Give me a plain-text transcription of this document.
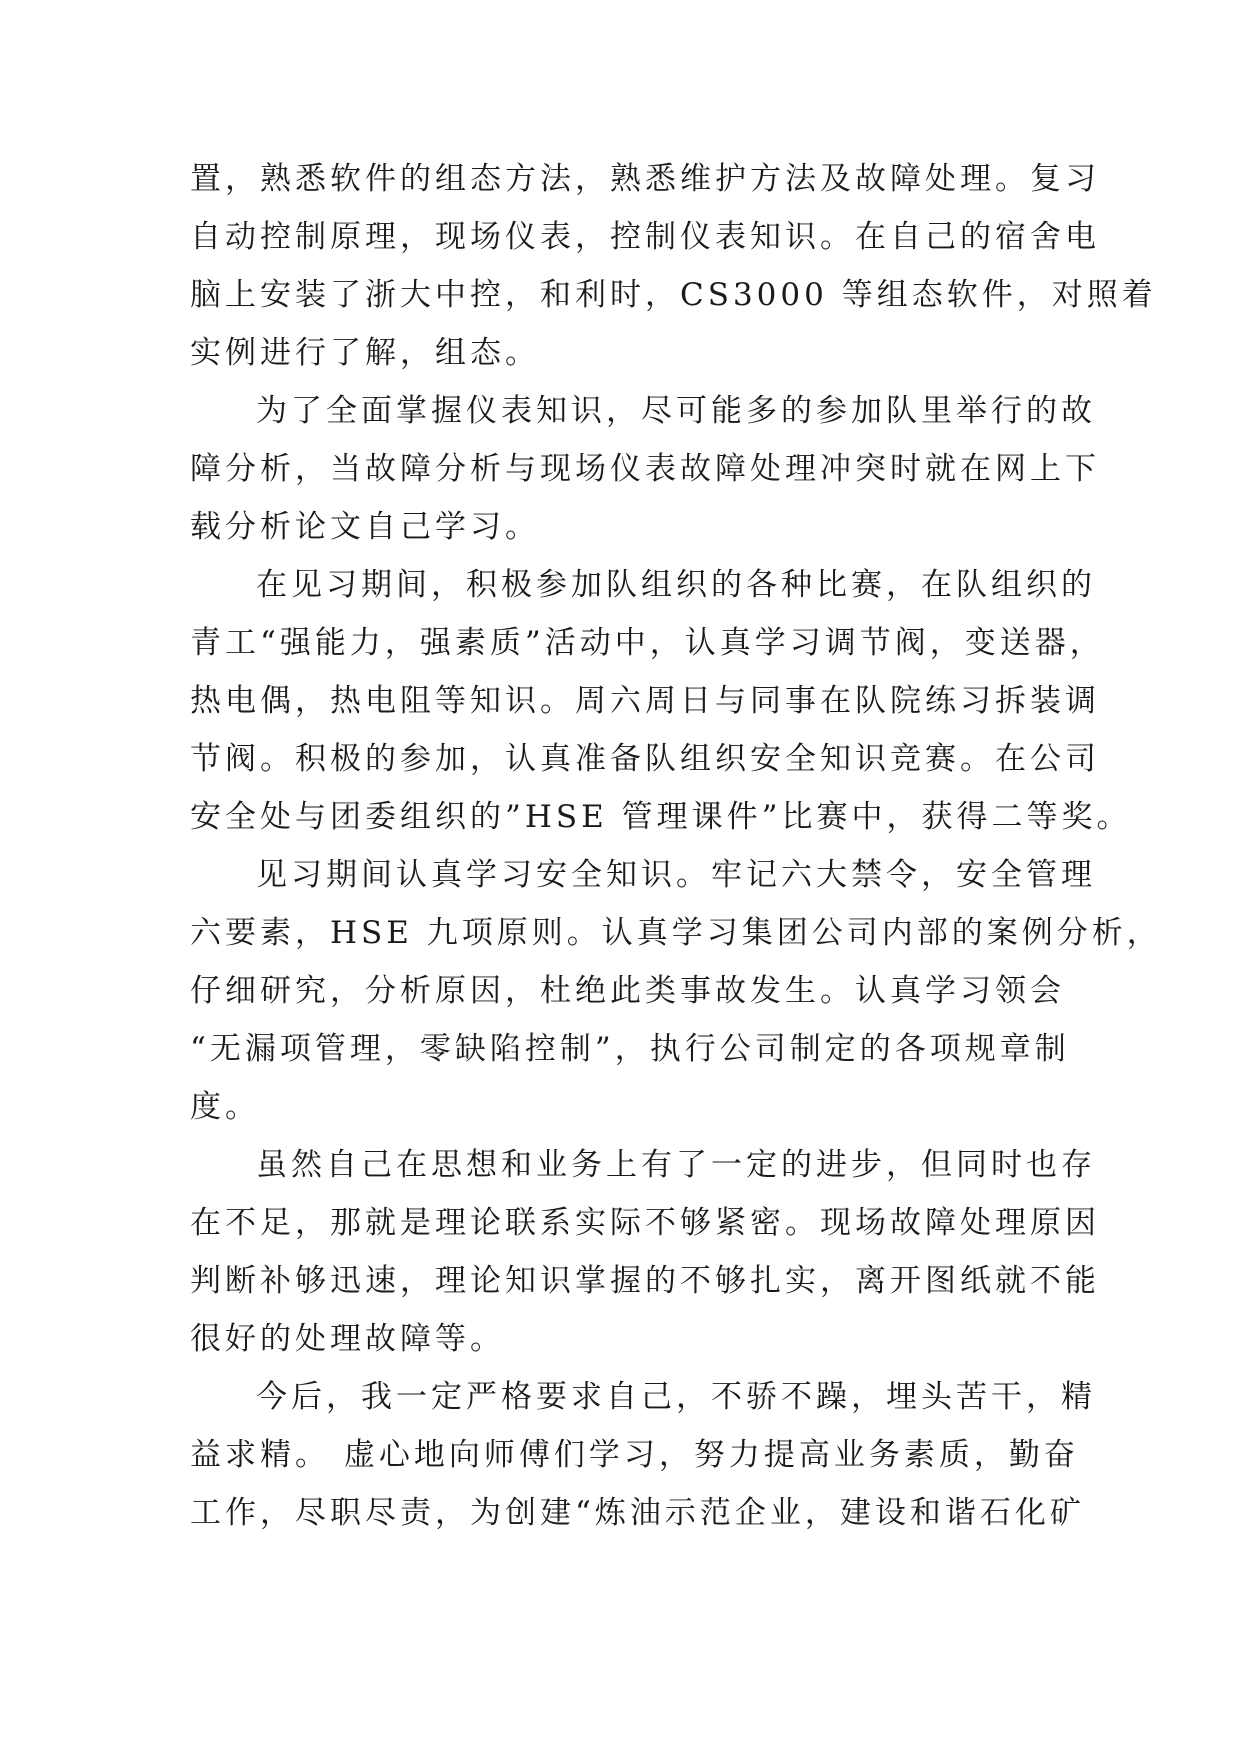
置，熟悉软件的组态方法，熟悉维护方法及故障处理。复习
自动控制原理，现场仪表，控制仪表知识。在自己的宿舍电
脑上安装了浙大中控，和利时，CS3000 等组态软件，对照着
实例进行了解，组态。
为了全面掌握仪表知识，尽可能多的参加队里举行的故
障分析，当故障分析与现场仪表故障处理冲突时就在网上下
载分析论文自己学习。
在见习期间，积极参加队组织的各种比赛，在队组织的
青工“强能力，强素质”活动中，认真学习调节阀，变送器，
热电偶，热电阻等知识。周六周日与同事在队院练习拆装调
节阀。积极的参加，认真准备队组织安全知识竞赛。在公司
安全处与团委组织的”HSE 管理课件”比赛中，获得二等奖。
见习期间认真学习安全知识。牢记六大禁令，安全管理
六要素，HSE 九项原则。认真学习集团公司内部的案例分析，
仔细研究，分析原因，杜绝此类事故发生。认真学习领会
“无漏项管理，零缺陷控制”，执行公司制定的各项规章制
度。
虽然自己在思想和业务上有了一定的进步，但同时也存
在不足，那就是理论联系实际不够紧密。现场故障处理原因
判断补够迅速，理论知识掌握的不够扎实，离开图纸就不能
很好的处理故障等。
今后，我一定严格要求自己，不骄不躁，埋头苦干，精
益求精。 虚心地向师傅们学习，努力提高业务素质，勤奋
工作，尽职尽责，为创建“炼油示范企业，建设和谐石化矿
